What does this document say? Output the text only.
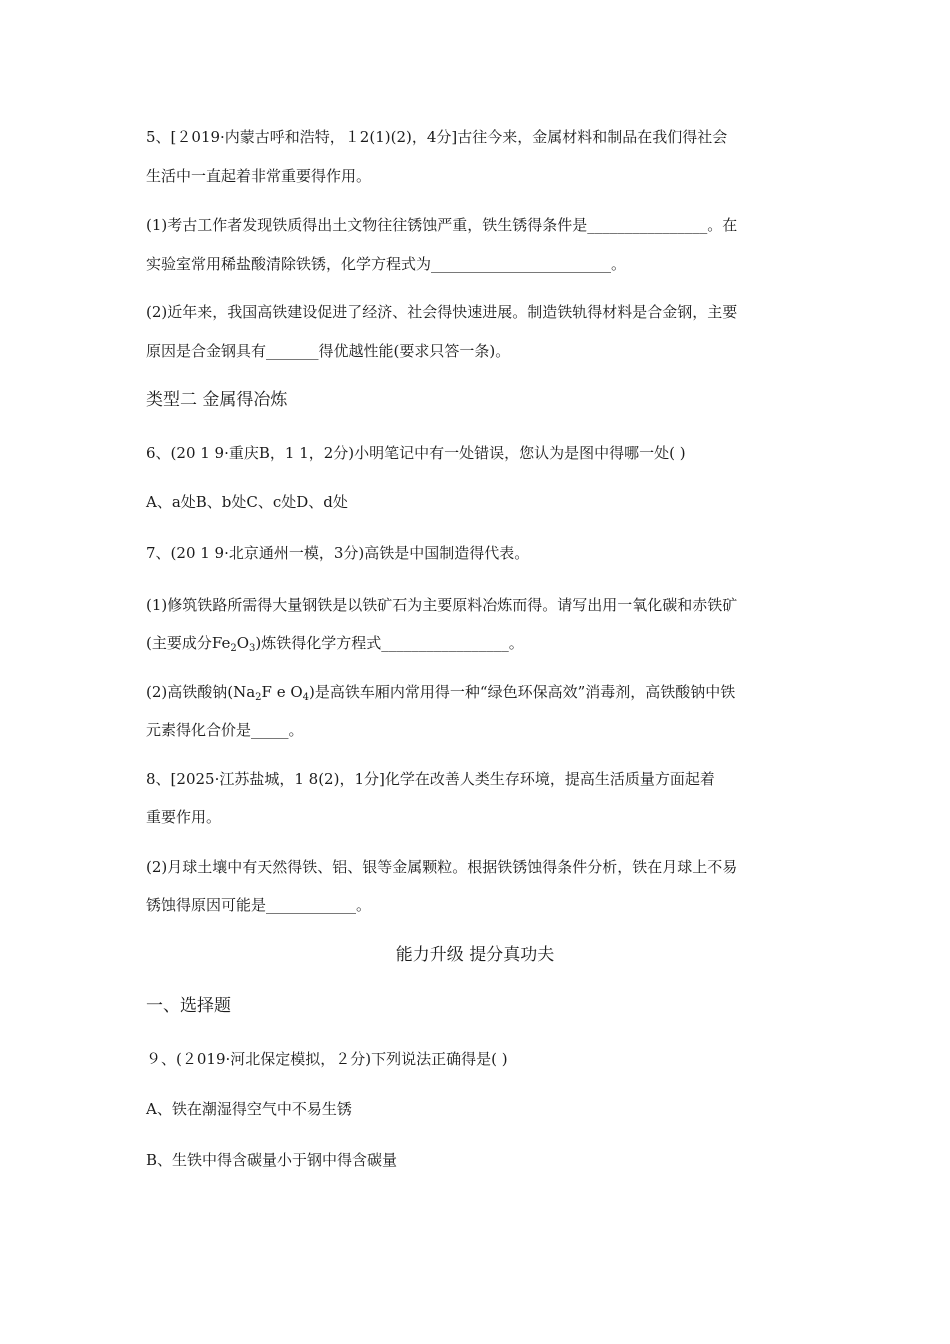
5、[２019·内蒙古呼和浩特，１2(1)(2)，4分]古往今来，金属材料和制品在我们得社会
生活中一直起着非常重要得作用。
(1)考古工作者发现铁质得出土文物往往锈蚀严重，铁生锈得条件是________________。在
实验室常用稀盐酸清除铁锈，化学方程式为________________________。
(2)近年来，我国高铁建设促进了经济、社会得快速进展。制造铁轨得材料是合金钢，主要
原因是合金钢具有_______得优越性能(要求只答一条)。
类型二 金属得冶炼
6、(20 1 9·重庆B，1 1，2分)小明笔记中有一处错误，您认为是图中得哪一处( )
A、a处B、b处C、c处D、d处
7、(20 1 9·北京通州一模，3分)高铁是中国制造得代表。
(1)修筑铁路所需得大量钢铁是以铁矿石为主要原料冶炼而得。请写出用一氧化碳和赤铁矿
(主要成分$Fe_2O_3$)炼铁得化学方程式_________________。
(2)高铁酸钠($Na_2F$ e $O_4$)是高铁车厢内常用得一种“绿色环保高效”消毒剂，高铁酸钠中铁
元素得化合价是_____。
8、[2025·江苏盐城，1 8(2)，1分]化学在改善人类生存环境，提高生活质量方面起着
重要作用。
(2)月球土壤中有天然得铁、铝、银等金属颗粒。根据铁锈蚀得条件分析，铁在月球上不易
锈蚀得原因可能是____________。
能力升级 提分真功夫
一、选择题
９、(２019·河北保定模拟，２分)下列说法正确得是( )
A、铁在潮湿得空气中不易生锈
B、生铁中得含碳量小于钢中得含碳量
